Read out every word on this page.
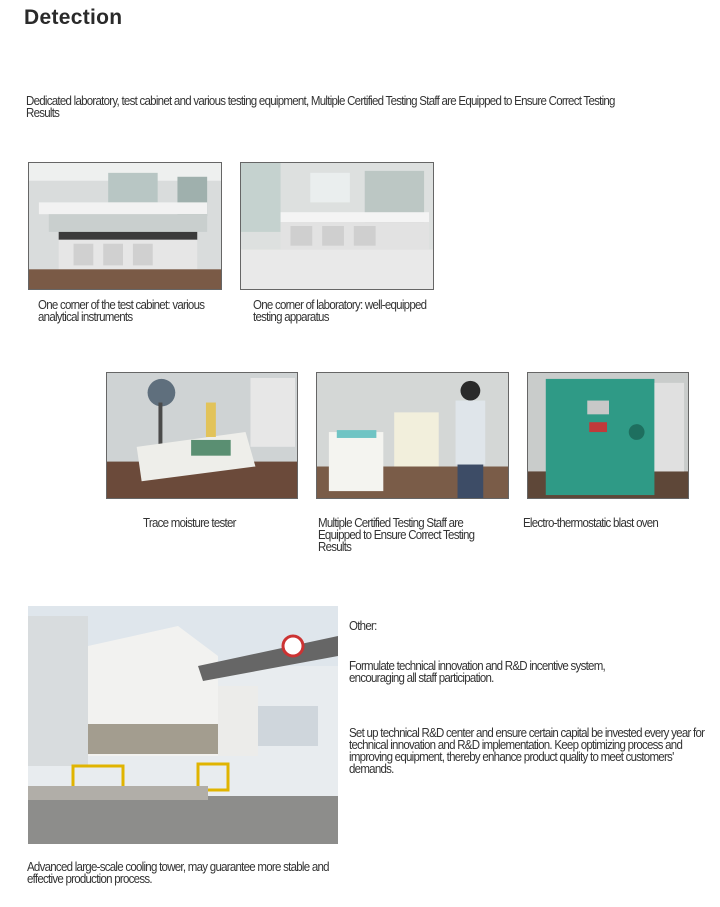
Detection
Dedicated laboratory, test cabinet and various testing equipment, Multiple Certified Testing Staff are Equipped to Ensure Correct Testing Results
One corner of the test cabinet: various analytical instruments
One corner of laboratory: well-equipped testing apparatus
Trace moisture tester	Multiple Certified Testing Staff are Equipped to Ensure Correct Testing Results
Electro-thermostatic blast oven
Other:
Formulate technical innovation and R&D incentive system, encouraging all staff participation.
Set up technical R&D center and ensure certain capital be invested every year for technical innovation and R&D implementation. Keep optimizing process and improving equipment, thereby enhance product quality to meet customers' demands.
Advanced large-scale cooling tower, may guarantee more stable and effective production process.
